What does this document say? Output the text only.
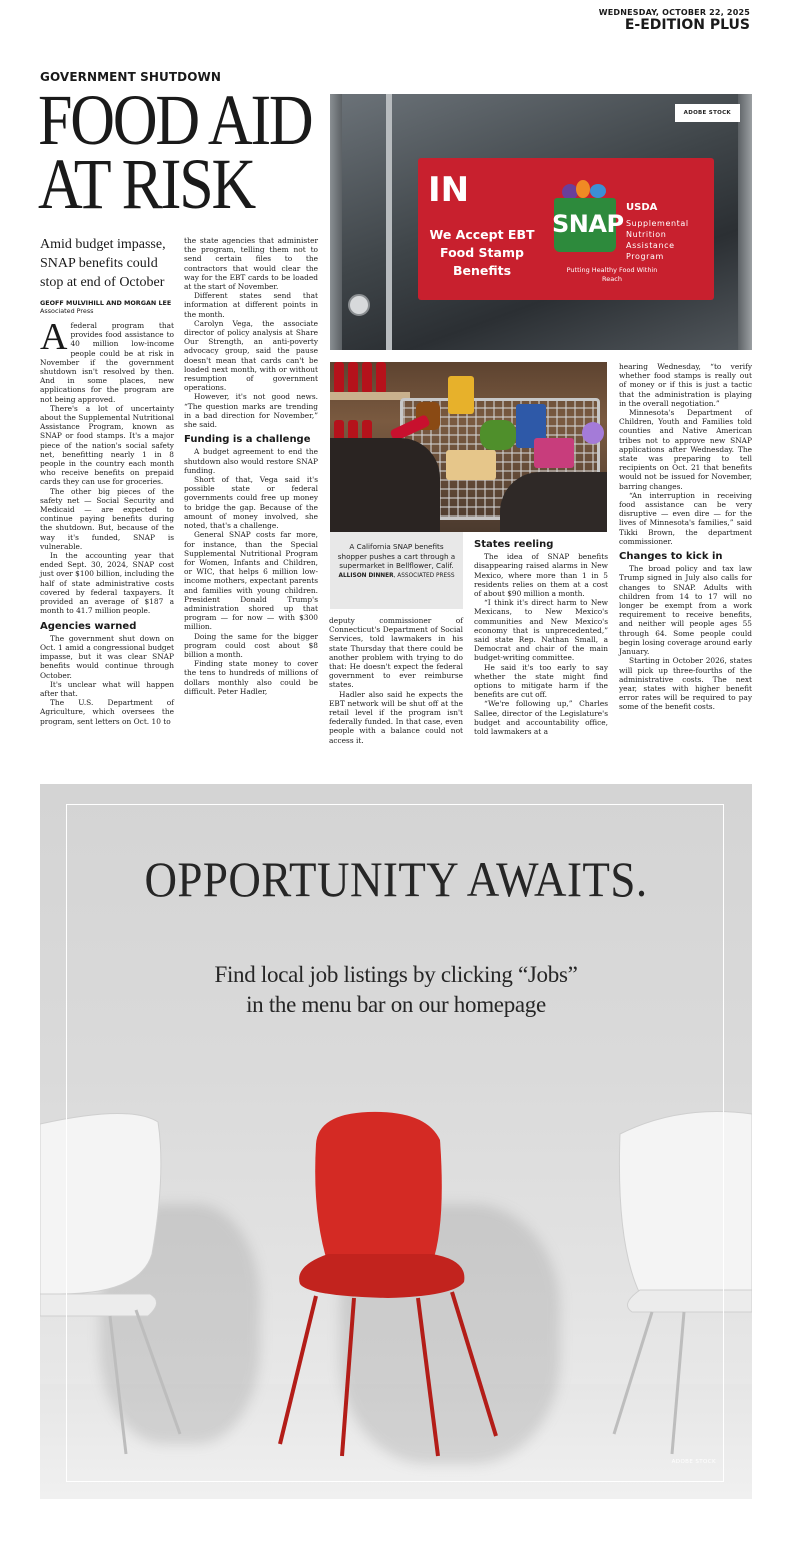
WEDNESDAY, OCTOBER 22, 2025
E-EDITION PLUS
GOVERNMENT SHUTDOWN
FOOD AID
AT RISK
Amid budget impasse, SNAP benefits could stop at end of October
GEOFF MULVIHILL AND MORGAN LEE
Associated Press

Afederal program that provides food assistance to 40 million low-income people could be at risk in November if the government shutdown isn't resolved by then. And in some places, new applications for the program are not being approved.

There's a lot of uncertainty about the Supplemental Nutritional Assistance Program, known as SNAP or food stamps. It's a major piece of the nation's social safety net, benefitting nearly 1 in 8 people in the country each month who receive benefits on prepaid cards they can use for groceries.

The other big pieces of the safety net — Social Security and Medicaid — are expected to continue paying benefits during the shutdown. But, because of the way it's funded, SNAP is vulnerable.

In the accounting year that ended Sept. 30, 2024, SNAP cost just over $100 billion, including the half of state administrative costs covered by federal taxpayers. It provided an average of $187 a month to 41.7 million people.

Agencies warned

The government shut down on Oct. 1 amid a congressional budget impasse, but it was clear SNAP benefits would continue through October.

It's unclear what will happen after that.

The U.S. Department of Agriculture, which oversees the program, sent letters on Oct. 10 to

the state agencies that administer the program, telling them not to send certain files to the contractors that would clear the way for the EBT cards to be loaded at the start of November.

Different states send that information at different points in the month.

Carolyn Vega, the associate director of policy analysis at Share Our Strength, an anti-poverty advocacy group, said the pause doesn't mean that cards can't be loaded next month, with or without resumption of government operations.

However, it's not good news. “The question marks are trending in a bad direction for November,” she said.

Funding is a challenge

A budget agreement to end the shutdown also would restore SNAP funding.

Short of that, Vega said it's possible state or federal governments could free up money to bridge the gap. Because of the amount of money involved, she noted, that's a challenge.

General SNAP costs far more, for instance, than the Special Supplemental Nutritional Program for Women, Infants and Children, or WIC, that helps 6 million low-income mothers, expectant parents and families with young children. President Donald Trump's administration shored up that program — for now — with $300 million.

Doing the same for the bigger program could cost about $8 billion a month.

Finding state money to cover the tens to hundreds of millions of dollars monthly also could be difficult. Peter Hadler,

IN
We Accept EBT Food Stamp Benefits
SNAP
USDA
Supplemental
Nutrition
Assistance
Program
Putting Healthy Food Within Reach
ADOBE STOCK
A California SNAP benefits shopper pushes a cart through a supermarket in Bellflower, Calif.
ALLISON DINNER, ASSOCIATED PRESS

deputy commissioner of Connecticut's Department of Social Services, told lawmakers in his state Thursday that there could be another problem with trying to do that: He doesn't expect the federal government to ever reimburse states.

Hadler also said he expects the EBT network will be shut off at the retail level if the program isn't federally funded. In that case, even people with a balance could not access it.

States reeling

The idea of SNAP benefits disappearing raised alarms in New Mexico, where more than 1 in 5 residents relies on them at a cost of about $90 million a month.

“I think it's direct harm to New Mexicans, to New Mexico's communities and New Mexico's economy that is unprecedented,” said state Rep. Nathan Small, a Democrat and chair of the main budget-writing committee.

He said it's too early to say whether the state might find options to mitigate harm if the benefits are cut off.

“We're following up,” Charles Sallee, director of the Legislature's budget and accountability office, told lawmakers at a

hearing Wednesday, “to verify whether food stamps is really out of money or if this is just a tactic that the administration is playing in the overall negotiation.”

Minnesota's Department of Children, Youth and Families told counties and Native American tribes not to approve new SNAP applications after Wednesday. The state was preparing to tell recipients on Oct. 21 that benefits would not be issued for November, barring changes.

“An interruption in receiving food assistance can be very disruptive — even dire — for the lives of Minnesota's families,” said Tikki Brown, the department commissioner.

Changes to kick in

The broad policy and tax law Trump signed in July also calls for changes to SNAP. Adults with children from 14 to 17 will no longer be exempt from a work requirement to receive benefits, and neither will people ages 55 through 64. Some people could begin losing coverage around early January.

Starting in October 2026, states will pick up three-fourths of the administrative costs. The next year, states with higher benefit error rates will be required to pay some of the benefit costs.

OPPORTUNITY AWAITS.
Find local job listings by clicking “Jobs”
in the menu bar on our homepage
ADOBE STOCK
